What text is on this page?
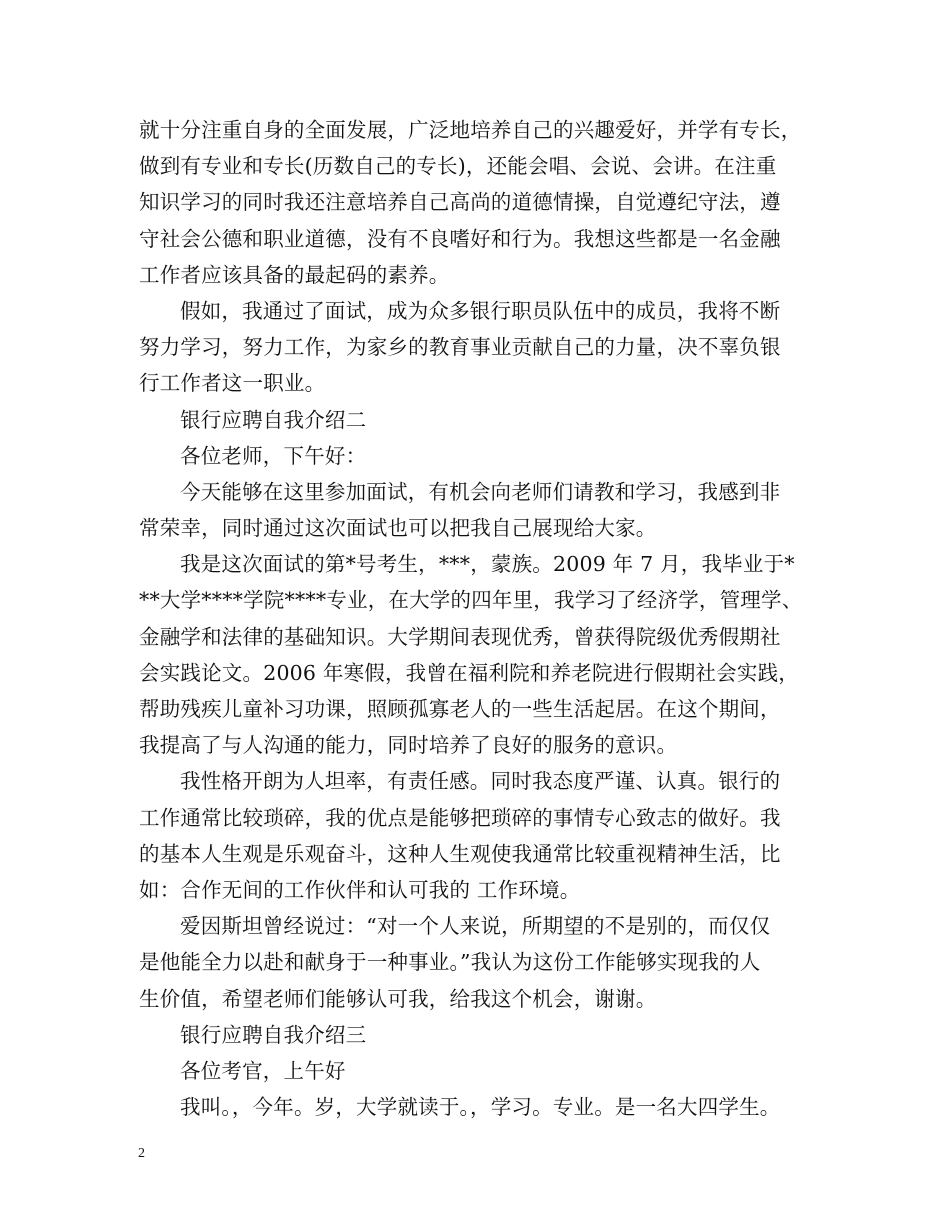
就十分注重自身的全面发展，广泛地培养自己的兴趣爱好，并学有专长，
做到有专业和专长(历数自己的专长)，还能会唱、会说、会讲。在注重
知识学习的同时我还注意培养自己高尚的道德情操，自觉遵纪守法，遵
守社会公德和职业道德，没有不良嗜好和行为。我想这些都是一名金融
工作者应该具备的最起码的素养。
假如，我通过了面试，成为众多银行职员队伍中的成员，我将不断
努力学习，努力工作，为家乡的教育事业贡献自己的力量，决不辜负银
行工作者这一职业。
银行应聘自我介绍二
各位老师，下午好：
今天能够在这里参加面试，有机会向老师们请教和学习，我感到非
常荣幸，同时通过这次面试也可以把我自己展现给大家。
我是这次面试的第*号考生，***，蒙族。2009 年 7 月，我毕业于*
**大学****学院****专业，在大学的四年里，我学习了经济学，管理学、
金融学和法律的基础知识。大学期间表现优秀，曾获得院级优秀假期社
会实践论文。2006 年寒假，我曾在福利院和养老院进行假期社会实践，
帮助残疾儿童补习功课，照顾孤寡老人的一些生活起居。在这个期间，
我提高了与人沟通的能力，同时培养了良好的服务的意识。
我性格开朗为人坦率，有责任感。同时我态度严谨、认真。银行的
工作通常比较琐碎，我的优点是能够把琐碎的事情专心致志的做好。我
的基本人生观是乐观奋斗，这种人生观使我通常比较重视精神生活，比
如：合作无间的工作伙伴和认可我的 工作环境。
爱因斯坦曾经说过：“对一个人来说，所期望的不是别的，而仅仅
是他能全力以赴和献身于一种事业。”我认为这份工作能够实现我的人
生价值，希望老师们能够认可我，给我这个机会，谢谢。
银行应聘自我介绍三
各位考官，上午好
我叫。，今年。岁，大学就读于。，学习。专业。是一名大四学生。
2
